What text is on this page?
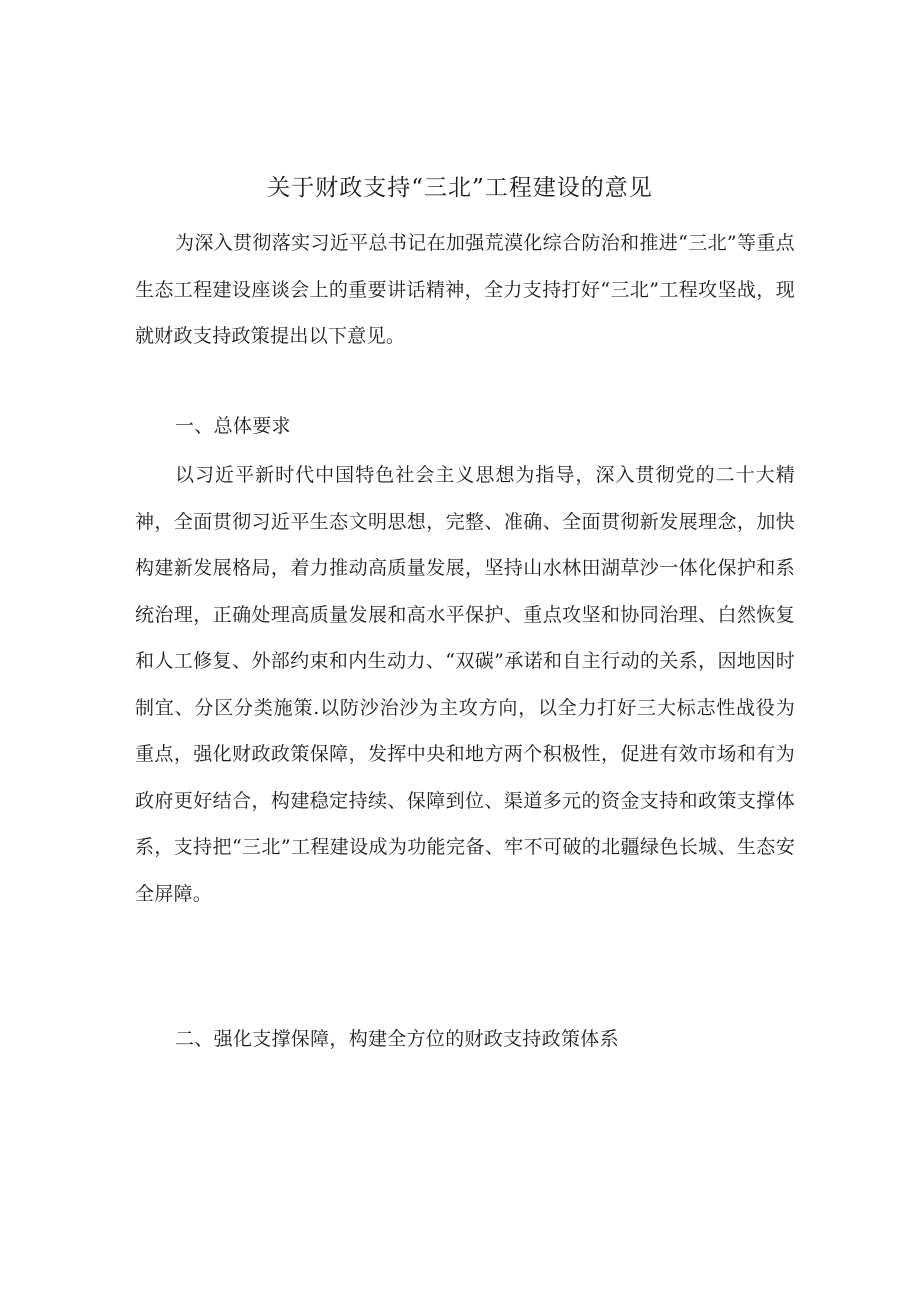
关于财政支持“三北”工程建设的意见

为深入贯彻落实习近平总书记在加强荒漠化综合防治和推进“三北”等重点生态工程建设座谈会上的重要讲话精神，全力支持打好“三北”工程攻坚战，现就财政支持政策提出以下意见。

一、总体要求

以习近平新时代中国特色社会主义思想为指导，深入贯彻党的二十大精神，全面贯彻习近平生态文明思想，完整、准确、全面贯彻新发展理念，加快构建新发展格局，着力推动高质量发展，坚持山水林田湖草沙一体化保护和系统治理，正确处理高质量发展和高水平保护、重点攻坚和协同治理、白然恢复和人工修复、外部约束和内生动力、“双碳”承诺和自主行动的关系，因地因时制宜、分区分类施策.以防沙治沙为主攻方向，以全力打好三大标志性战役为重点，强化财政政策保障，发挥中央和地方两个积极性，促进有效市场和有为政府更好结合，构建稳定持续、保障到位、渠道多元的资金支持和政策支撑体系，支持把“三北”工程建设成为功能完备、牢不可破的北疆绿色长城、生态安全屏障。

二、强化支撑保障，构建全方位的财政支持政策体系
